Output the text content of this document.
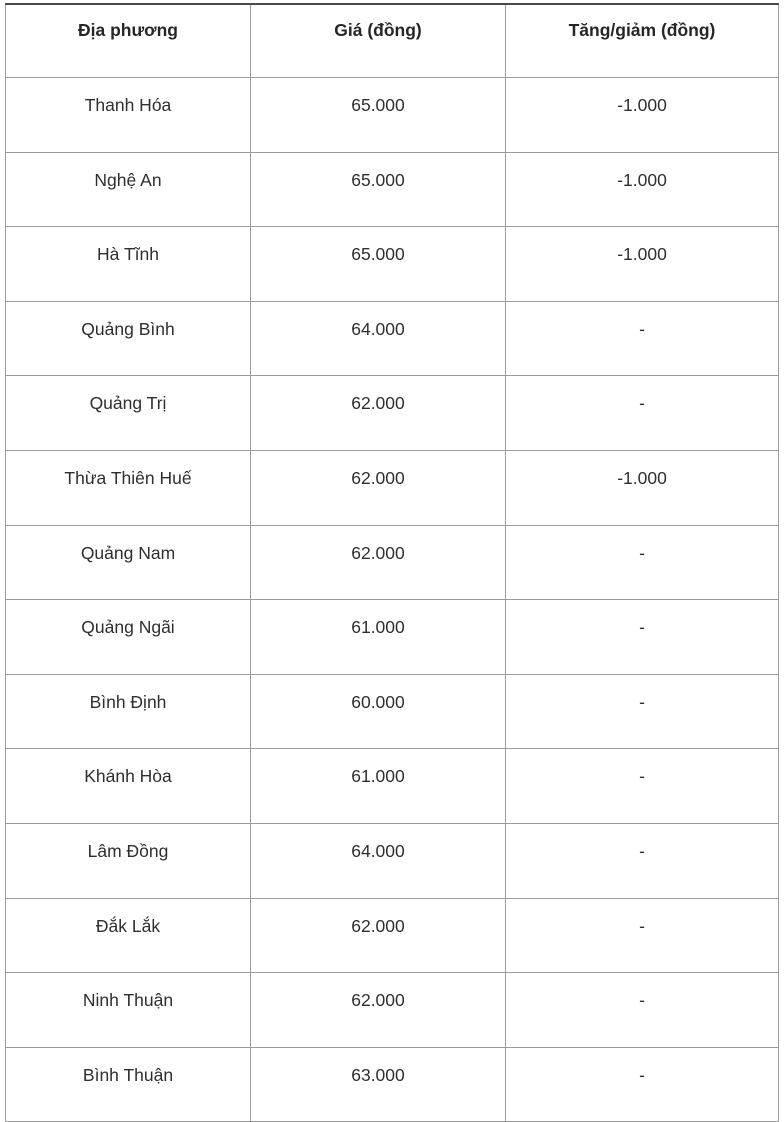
Địa phương	Giá (đồng)	Tăng/giảm (đồng)
Thanh Hóa	65.000	-1.000
Nghệ An	65.000	-1.000
Hà Tĩnh	65.000	-1.000
Quảng Bình	64.000	-
Quảng Trị	62.000	-
Thừa Thiên Huế	62.000	-1.000
Quảng Nam	62.000	-
Quảng Ngãi	61.000	-
Bình Định	60.000	-
Khánh Hòa	61.000	-
Lâm Đồng	64.000	-
Đắk Lắk	62.000	-
Ninh Thuận	62.000	-
Bình Thuận	63.000	-
